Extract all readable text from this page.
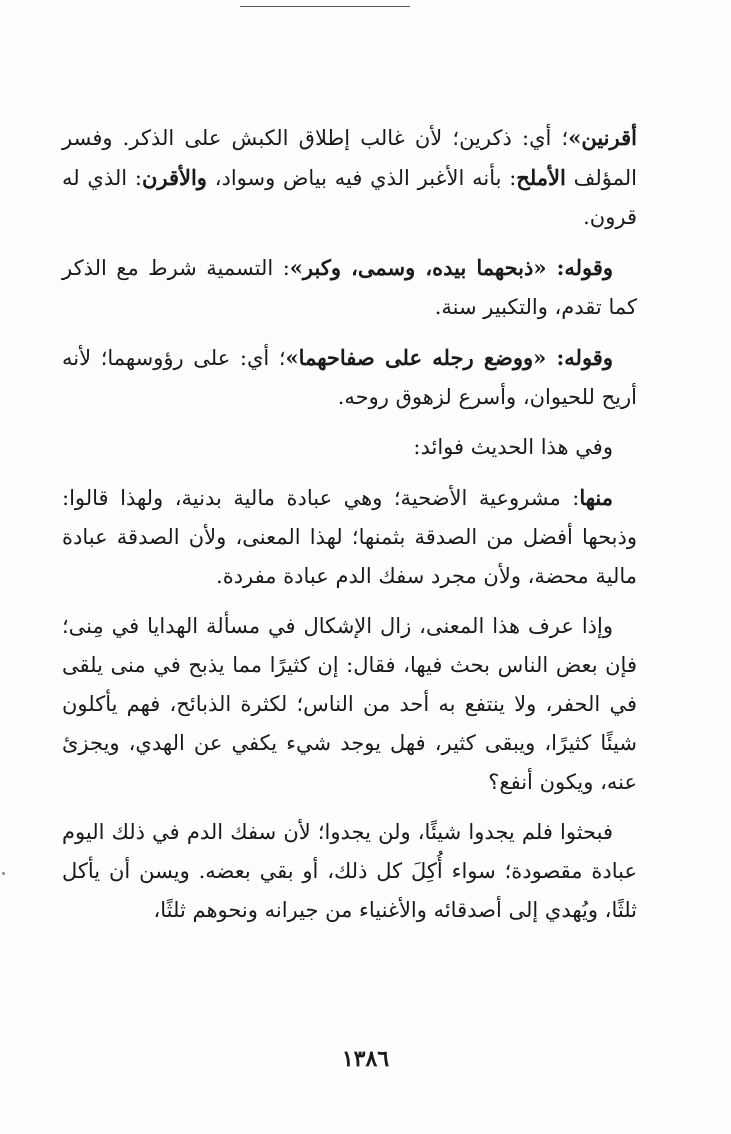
أقرنين»؛ أي: ذكرين؛ لأن غالب إطلاق الكبش على الذكر. وفسر المؤلف الأملح: بأنه الأغبر الذي فيه بياض وسواد، والأقرن: الذي له قرون.

وقوله: «ذبحهما بيده، وسمى، وكبر»: التسمية شرط مع الذكر كما تقدم، والتكبير سنة.

وقوله: «ووضع رجله على صفاحهما»؛ أي: على رؤوسهما؛ لأنه أريح للحيوان، وأسرع لزهوق روحه.

وفي هذا الحديث فوائد:

منها: مشروعية الأضحية؛ وهي عبادة مالية بدنية، ولهذا قالوا: وذبحها أفضل من الصدقة بثمنها؛ لهذا المعنى، ولأن الصدقة عبادة مالية محضة، ولأن مجرد سفك الدم عبادة مفردة.

وإذا عرف هذا المعنى، زال الإشكال في مسألة الهدايا في مِنى؛ فإن بعض الناس بحث فيها، فقال: إن كثيرًا مما يذبح في منى يلقى في الحفر، ولا ينتفع به أحد من الناس؛ لكثرة الذبائح، فهم يأكلون شيئًا كثيرًا، ويبقى كثير، فهل يوجد شيء يكفي عن الهدي، ويجزئ عنه، ويكون أنفع؟

فبحثوا فلم يجدوا شيئًا، ولن يجدوا؛ لأن سفك الدم في ذلك اليوم عبادة مقصودة؛ سواء أُكِلَ كل ذلك، أو بقي بعضه. ويسن أن يأكل ثلثًا، ويُهدي إلى أصدقائه والأغنياء من جيرانه ونحوهم ثلثًا،

١٣٨٦
